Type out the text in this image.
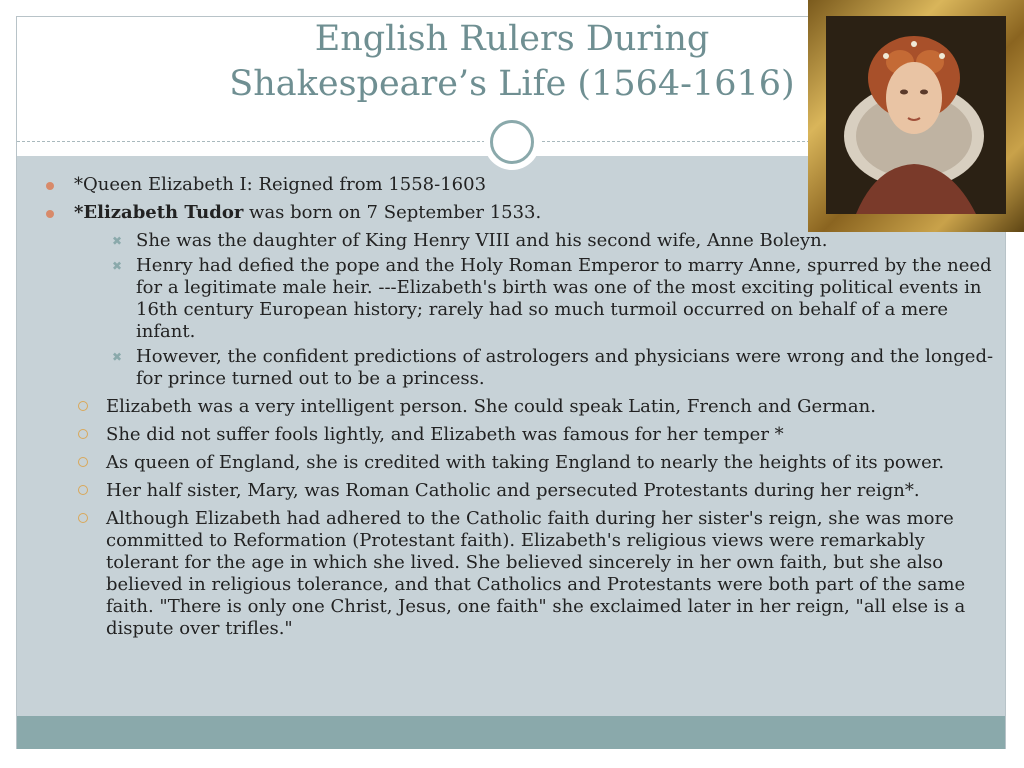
English Rulers During
Shakespeare’s Life (1564-1616)
*Queen Elizabeth I: Reigned from 1558-1603
*Elizabeth Tudor was born on 7 September 1533.
✖ She was the daughter of King Henry VIII and his second wife, Anne Boleyn.
✖ Henry had defied the pope and the Holy Roman Emperor to marry Anne, spurred by the need for a legitimate male heir. ---Elizabeth's birth was one of the most exciting political events in 16th century European history; rarely had so much turmoil occurred on behalf of a mere infant.
✖ However, the confident predictions of astrologers and physicians were wrong and the longed-for prince turned out to be a princess.
Elizabeth was a very intelligent person. She could speak Latin, French and German.
She did not suffer fools lightly, and Elizabeth was famous for her temper *
As queen of England, she is credited with taking England to nearly the heights of its power.
Her half sister, Mary, was Roman Catholic and persecuted Protestants during her reign*.
Although Elizabeth had adhered to the Catholic faith during her sister's reign, she was more committed to Reformation (Protestant faith). Elizabeth's religious views were remarkably tolerant for the age in which she lived. She believed sincerely in her own faith, but she also believed in religious tolerance, and that Catholics and Protestants were both part of the same faith. "There is only one Christ, Jesus, one faith" she exclaimed later in her reign, "all else is a dispute over trifles."
